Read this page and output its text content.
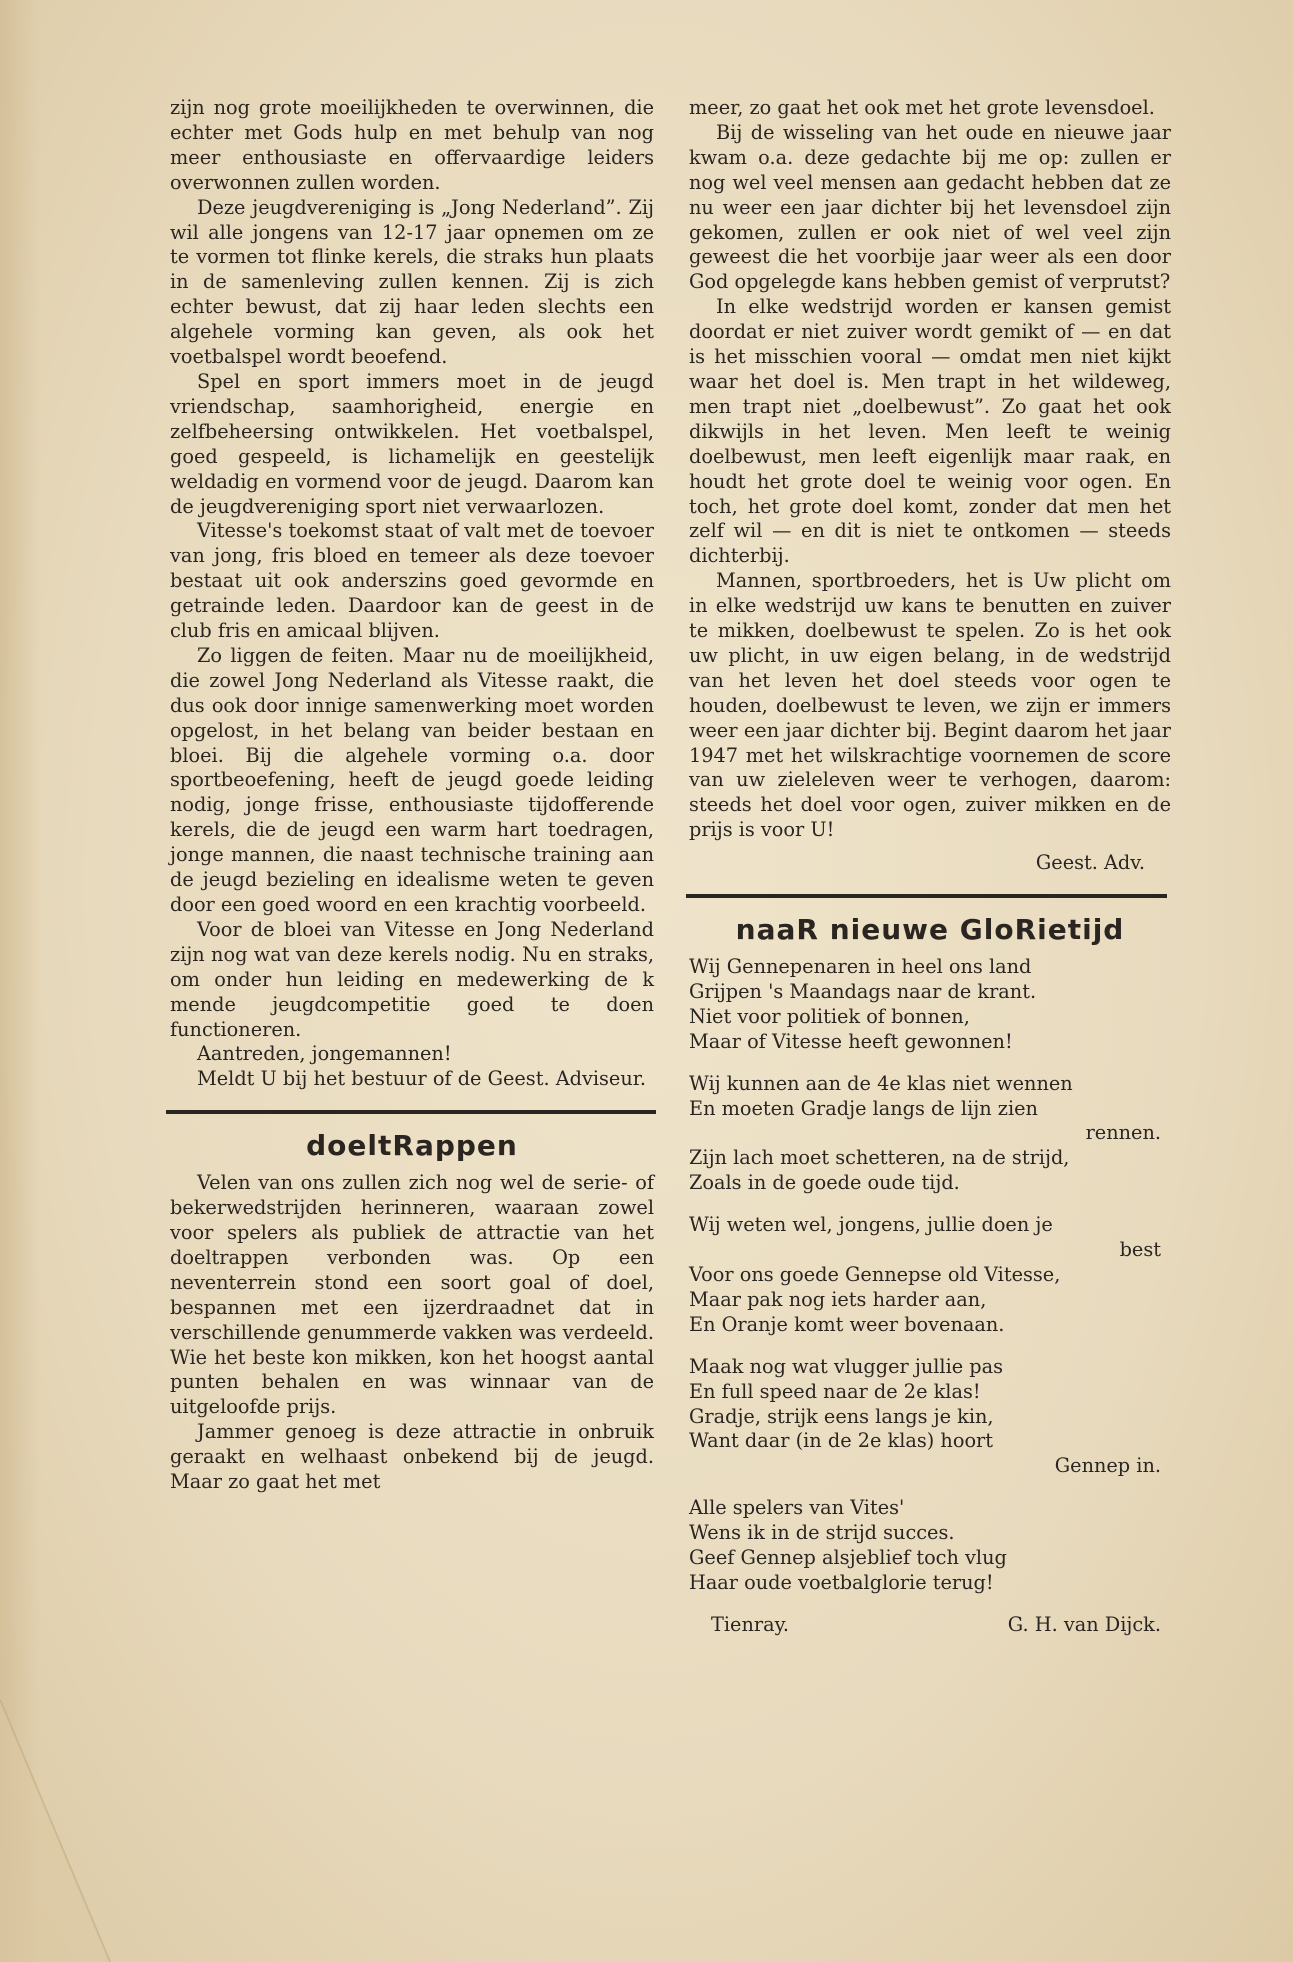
zijn nog grote moeilijkheden te overwinnen, die echter met Gods hulp en met behulp van nog meer enthousiaste en offervaardige leiders overwonnen zullen worden.

Deze jeugdvereniging is „Jong Nederland”. Zij wil alle jongens van 12-17 jaar opnemen om ze te vormen tot flinke kerels, die straks hun plaats in de samenleving zullen kennen. Zij is zich echter bewust, dat zij haar leden slechts een algehele vorming kan geven, als ook het voetbalspel wordt beoefend.

Spel en sport immers moet in de jeugd vriendschap, saamhorigheid, energie en zelfbeheersing ontwikkelen. Het voetbalspel, goed gespeeld, is lichamelijk en geestelijk weldadig en vormend voor de jeugd. Daarom kan de jeugdvereniging sport niet verwaarlozen.

Vitesse's toekomst staat of valt met de toevoer van jong, fris bloed en temeer als deze toevoer bestaat uit ook anderszins goed gevormde en getrainde leden. Daardoor kan de geest in de club fris en amicaal blijven.

Zo liggen de feiten. Maar nu de moeilijkheid, die zowel Jong Nederland als Vitesse raakt, die dus ook door innige samenwerking moet worden opgelost, in het belang van beider bestaan en bloei. Bij die algehele vorming o.a. door sportbeoefening, heeft de jeugd goede leiding nodig, jonge frisse, enthousiaste tijdofferende kerels, die de jeugd een warm hart toedragen, jonge mannen, die naast technische training aan de jeugd bezieling en idealisme weten te geven door een goed woord en een krachtig voorbeeld.

Voor de bloei van Vitesse en Jong Nederland zijn nog wat van deze kerels nodig. Nu en straks, om onder hun leiding en medewerking de k mende jeugdcompetitie goed te doen functioneren.

Aantreden, jongemannen!

Meldt U bij het bestuur of de Geest. Adviseur.

doeltRappen

Velen van ons zullen zich nog wel de serie- of bekerwedstrijden herinneren, waaraan zowel voor spelers als publiek de attractie van het doeltrappen verbonden was. Op een neventerrein stond een soort goal of doel, bespannen met een ijzerdraadnet dat in verschillende genummerde vakken was verdeeld. Wie het beste kon mikken, kon het hoogst aantal punten behalen en was winnaar van de uitgeloofde prijs.

Jammer genoeg is deze attractie in onbruik geraakt en welhaast onbekend bij de jeugd. Maar zo gaat het met

meer, zo gaat het ook met het grote levensdoel.

Bij de wisseling van het oude en nieuwe jaar kwam o.a. deze gedachte bij me op: zullen er nog wel veel mensen aan gedacht hebben dat ze nu weer een jaar dichter bij het levensdoel zijn gekomen, zullen er ook niet of wel veel zijn geweest die het voorbije jaar weer als een door God opgelegde kans hebben gemist of verprutst?

In elke wedstrijd worden er kansen gemist doordat er niet zuiver wordt gemikt of — en dat is het misschien vooral — omdat men niet kijkt waar het doel is. Men trapt in het wildeweg, men trapt niet „doelbewust”. Zo gaat het ook dikwijls in het leven. Men leeft te weinig doelbewust, men leeft eigenlijk maar raak, en houdt het grote doel te weinig voor ogen. En toch, het grote doel komt, zonder dat men het zelf wil — en dit is niet te ontkomen — steeds dichterbij.

Mannen, sportbroeders, het is Uw plicht om in elke wedstrijd uw kans te benutten en zuiver te mikken, doelbewust te spelen. Zo is het ook uw plicht, in uw eigen belang, in de wedstrijd van het leven het doel steeds voor ogen te houden, doelbewust te leven, we zijn er immers weer een jaar dichter bij. Begint daarom het jaar 1947 met het wilskrachtige voornemen de score van uw zieleleven weer te verhogen, daarom: steeds het doel voor ogen, zuiver mikken en de prijs is voor U!

Geest. Adv.

naaR nieuwe GloRietijd
Wij Gennepenaren in heel ons land
Grijpen 's Maandags naar de krant.
Niet voor politiek of bonnen,
Maar of Vitesse heeft gewonnen!
Wij kunnen aan de 4e klas niet wennen
En moeten Gradje langs de lijn zien
rennen.
Zijn lach moet schetteren, na de strijd,
Zoals in de goede oude tijd.
Wij weten wel, jongens, jullie doen je
best
Voor ons goede Gennepse old Vitesse,
Maar pak nog iets harder aan,
En Oranje komt weer bovenaan.
Maak nog wat vlugger jullie pas
En full speed naar de 2e klas!
Gradje, strijk eens langs je kin,
Want daar (in de 2e klas) hoort
Gennep in.
Alle spelers van Vites'
Wens ik in de strijd succes.
Geef Gennep alsjeblief toch vlug
Haar oude voetbalglorie terug!
Tienray.	G. H. van Dijck.
